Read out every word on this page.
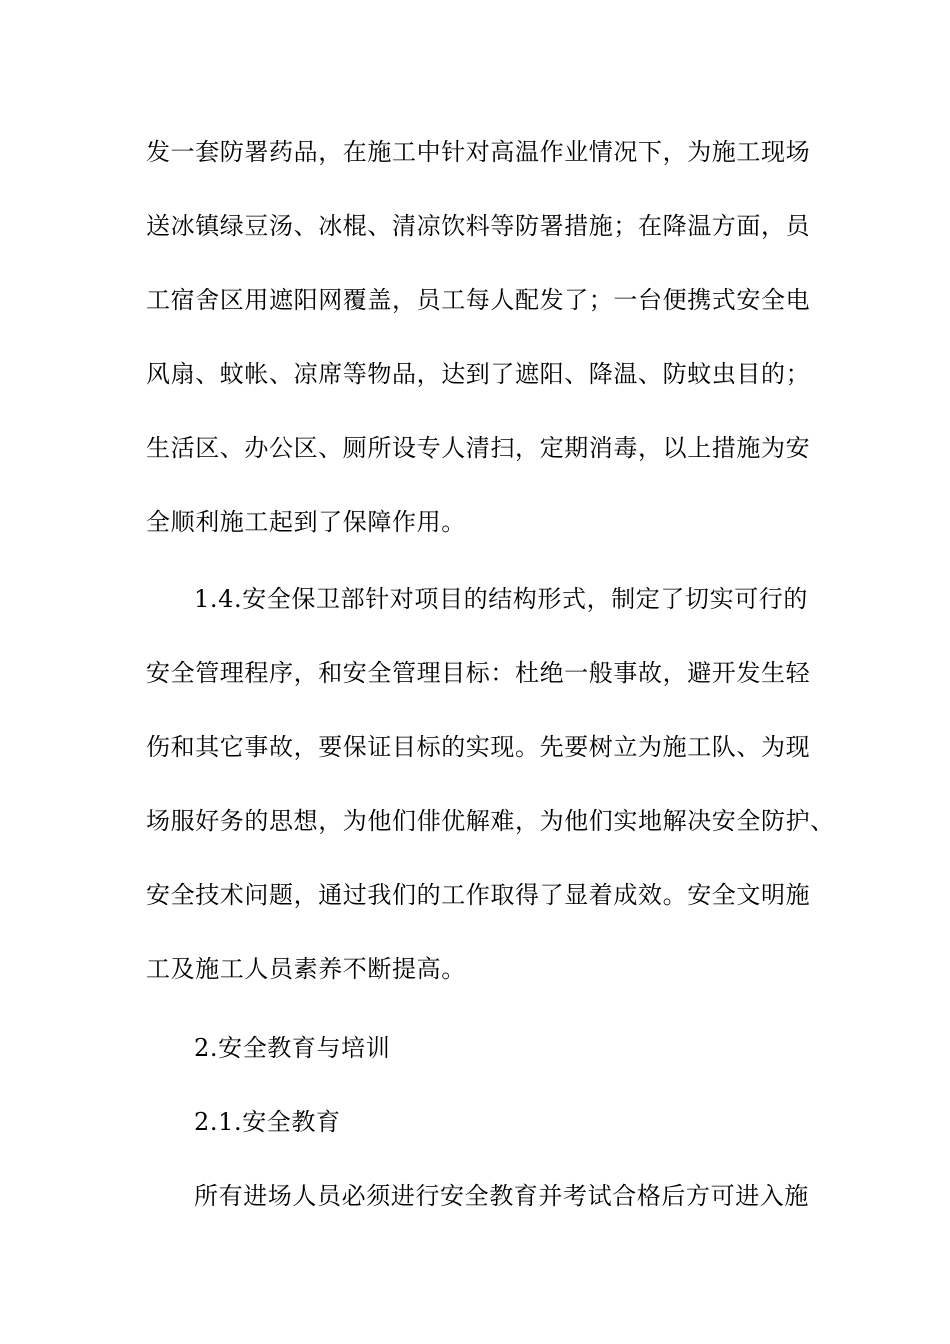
发一套防署药品，在施工中针对高温作业情况下，为施工现场
送冰镇绿豆汤、冰棍、清凉饮料等防署措施；在降温方面，员
工宿舍区用遮阳网覆盖，员工每人配发了；一台便携式安全电
风扇、蚊帐、凉席等物品，达到了遮阳、降温、防蚊虫目的；
生活区、办公区、厕所设专人清扫，定期消毒，以上措施为安
全顺利施工起到了保障作用。
1.4.安全保卫部针对项目的结构形式，制定了切实可行的
安全管理程序，和安全管理目标：杜绝一般事故，避开发生轻
伤和其它事故，要保证目标的实现。先要树立为施工队、为现
场服好务的思想，为他们俳优解难，为他们实地解决安全防护、
安全技术问题，通过我们的工作取得了显着成效。安全文明施
工及施工人员素养不断提高。
2.安全教育与培训
2.1.安全教育
所有进场人员必须进行安全教育并考试合格后方可进入施
